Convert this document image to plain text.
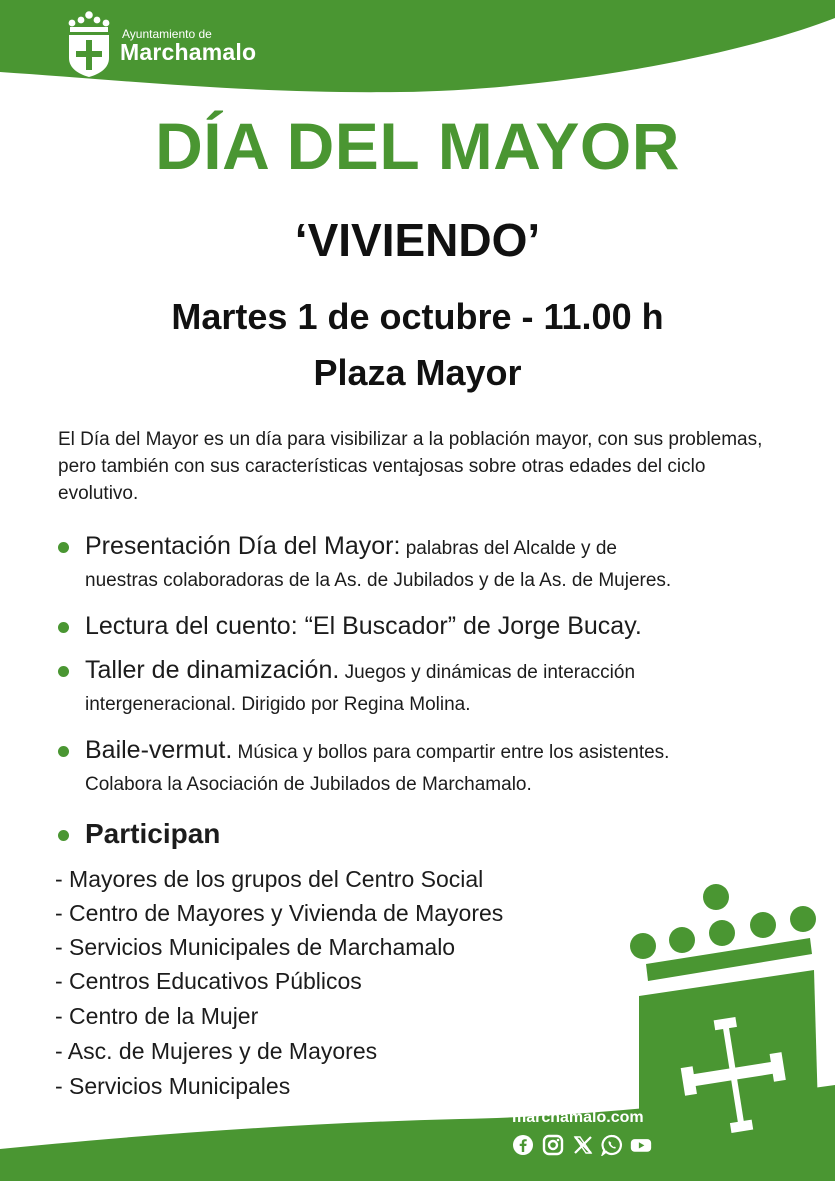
Ayuntamiento de
Marchamalo
DÍA DEL MAYOR
‘VIVIENDO’
Martes 1 de octubre - 11.00 h
Plaza Mayor
El Día del Mayor es un día para visibilizar a la población mayor, con sus problemas, pero también con sus características ventajosas sobre otras edades del ciclo evolutivo.
Presentación Día del Mayor: palabras del Alcalde y de
nuestras colaboradoras de la As. de Jubilados y de la As. de Mujeres.
Lectura del cuento: “El Buscador” de Jorge Bucay.
Taller de dinamización. Juegos y dinámicas de interacción
intergeneracional. Dirigido por Regina Molina.
Baile-vermut. Música y bollos para compartir entre los asistentes.
Colabora la Asociación de Jubilados de Marchamalo.
Participan
- Mayores de los grupos del Centro Social
- Centro de Mayores y Vivienda de Mayores
- Servicios Municipales de Marchamalo
- Centros Educativos Públicos
- Centro de la Mujer
- Asc. de Mujeres y de Mayores
- Servicios Municipales
marchamalo.com
